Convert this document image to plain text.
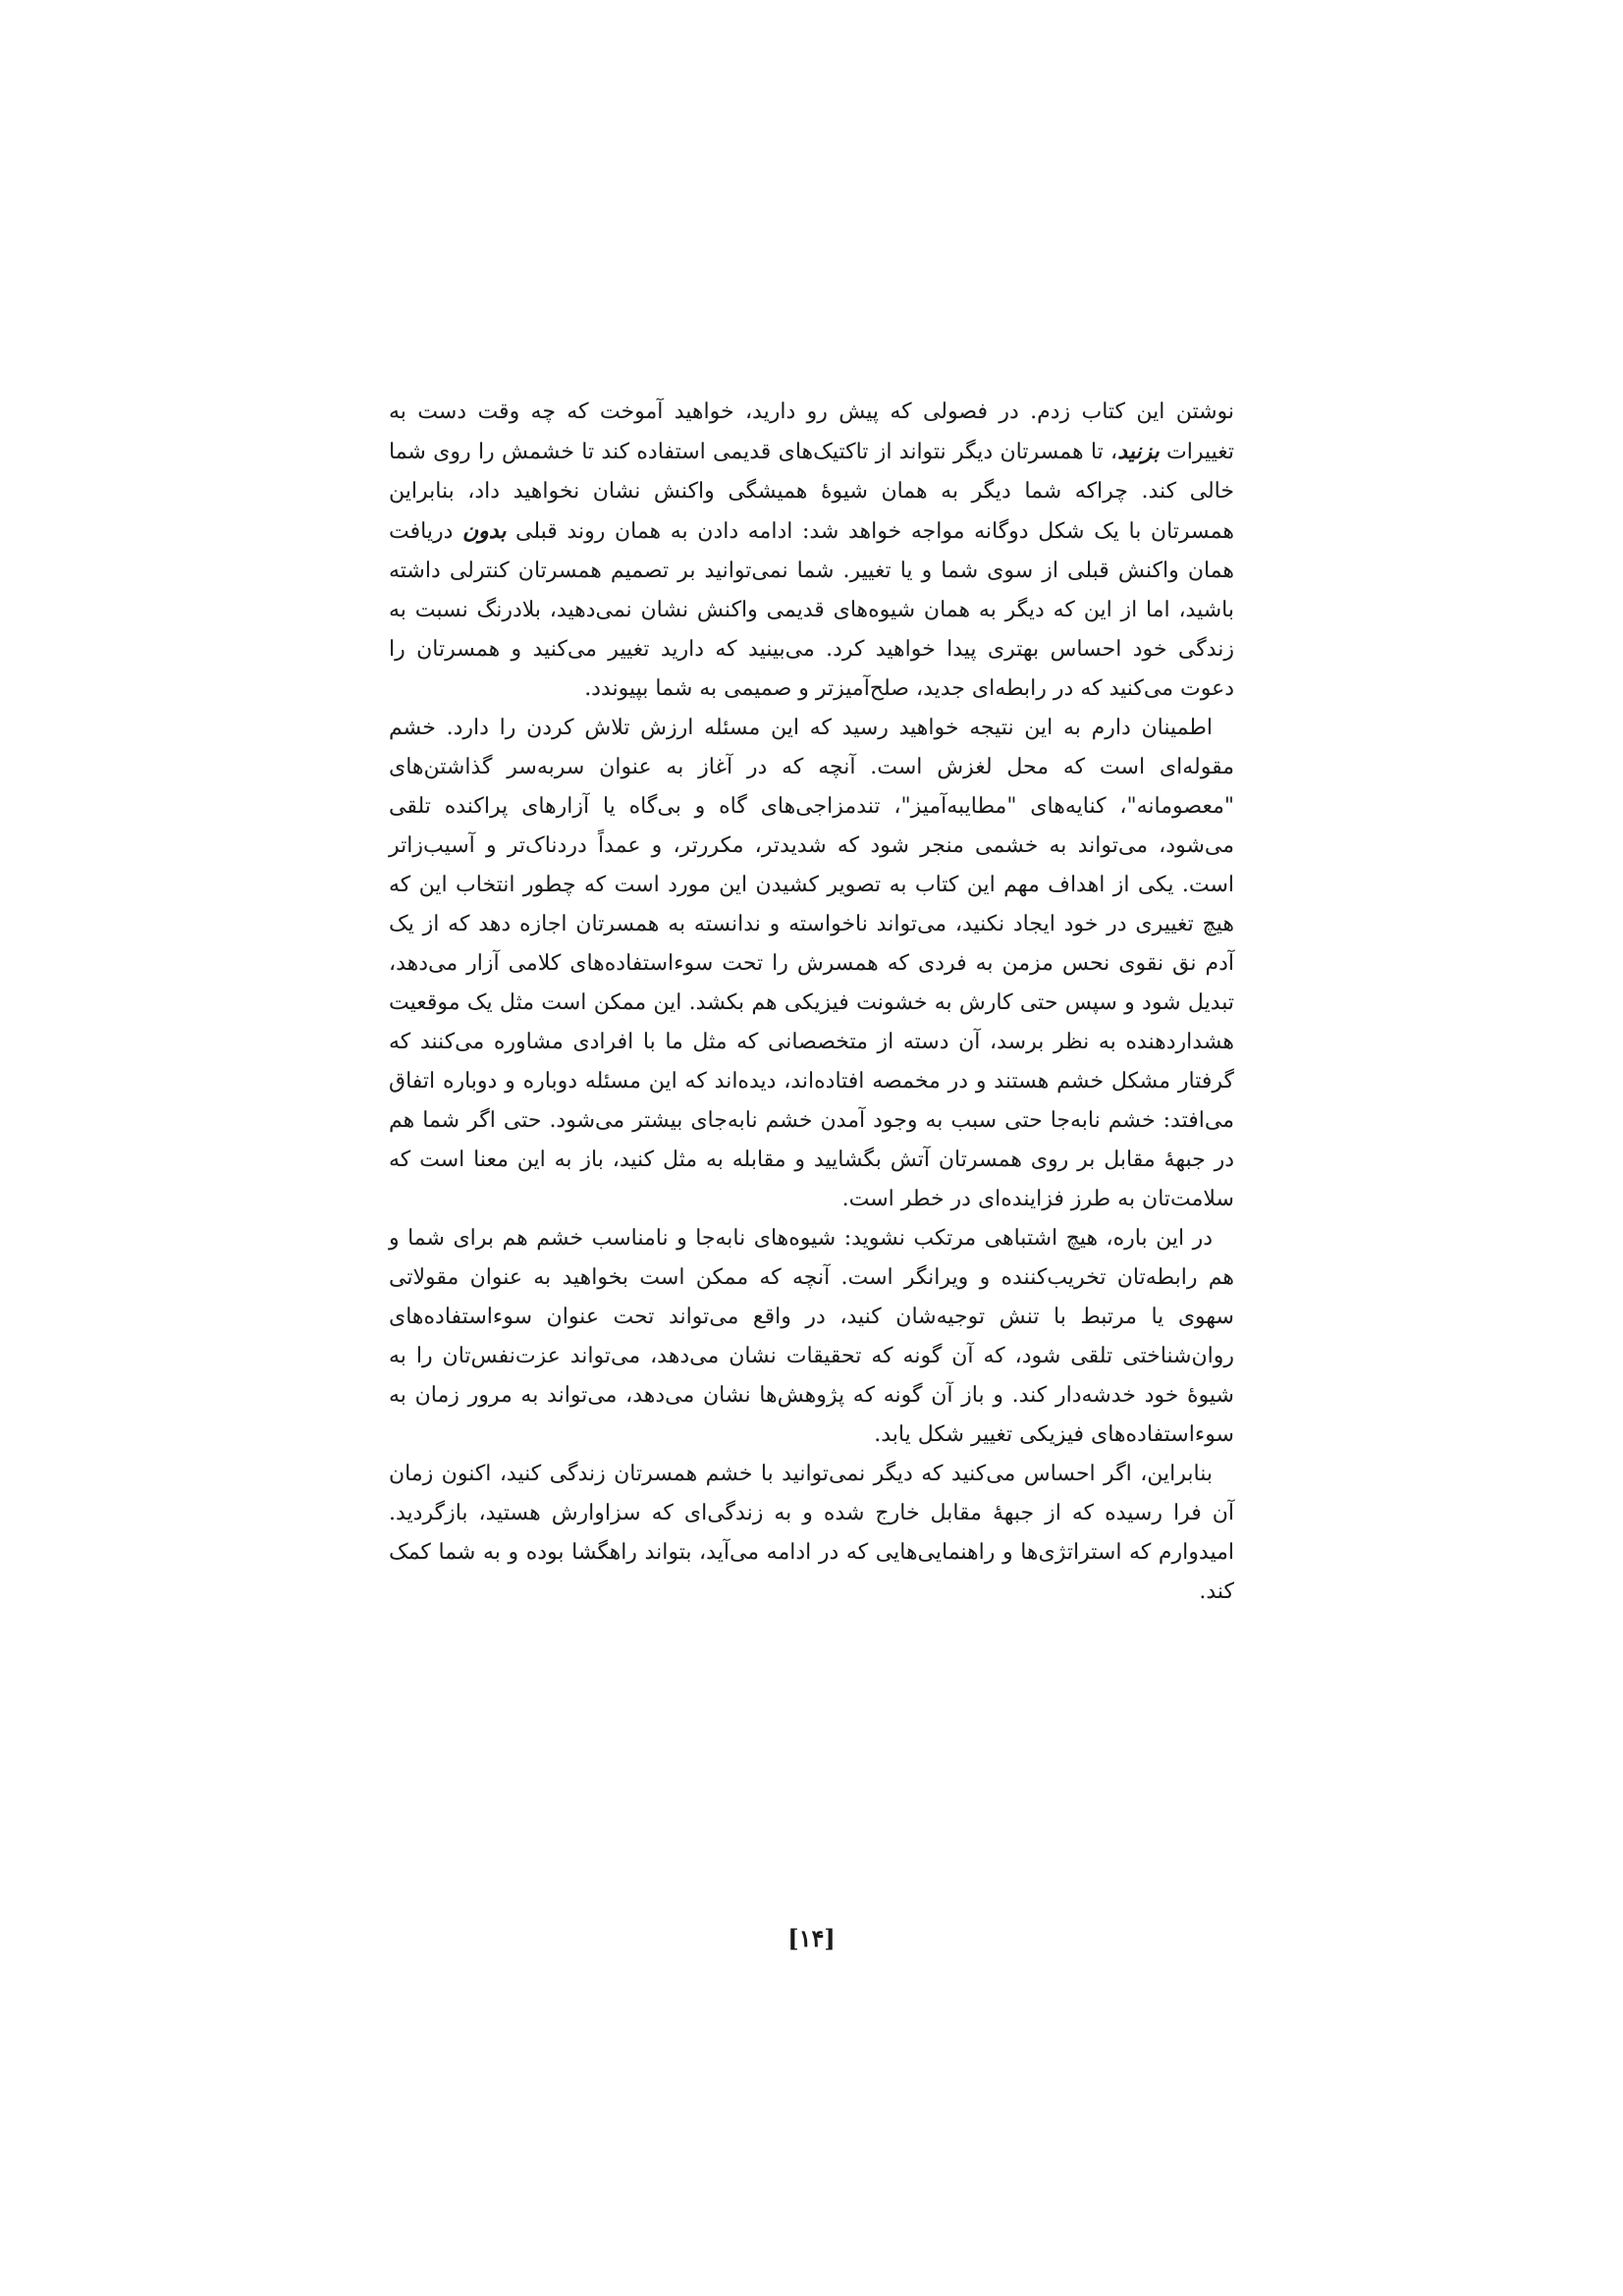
نوشتن این کتاب زدم. در فصولی که پیش رو دارید، خواهید آموخت که چه وقت دست به تغییرات بزنید، تا همسرتان دیگر نتواند از تاکتیک‌های قدیمی استفاده کند تا خشمش را روی شما خالی کند. چراکه شما دیگر به همان شیوهٔ همیشگی واکنش نشان نخواهید داد، بنابراین همسرتان با یک شکل دوگانه مواجه خواهد شد: ادامه دادن به همان روند قبلی بدون دریافت همان واکنش قبلی از سوی شما و یا تغییر. شما نمی‌توانید بر تصمیم همسرتان کنترلی داشته باشید، اما از این که دیگر به همان شیوه‌های قدیمی واکنش نشان نمی‌دهید، بلادرنگ نسبت به زندگی خود احساس بهتری پیدا خواهید کرد. می‌بینید که دارید تغییر می‌کنید و همسرتان را دعوت می‌کنید که در رابطه‌ای جدید، صلح‌آمیزتر و صمیمی به شما بپیوندد.

اطمینان دارم به این نتیجه خواهید رسید که این مسئله ارزش تلاش کردن را دارد. خشم مقوله‌ای است که محل لغزش است. آنچه که در آغاز به عنوان سربه‌سر گذاشتن‌های "معصومانه"، کنایه‌های "مطایبه‌آمیز"، تندمزاجی‌های گاه و بی‌گاه یا آزارهای پراکنده تلقی می‌شود، می‌تواند به خشمی منجر شود که شدیدتر، مکررتر، و عمداً دردناک‌تر و آسیب‌زاتر است. یکی از اهداف مهم این کتاب به تصویر کشیدن این مورد است که چطور انتخاب این که هیچ تغییری در خود ایجاد نکنید، می‌تواند ناخواسته و ندانسته به همسرتان اجازه دهد که از یک آدم نق نقوی نحس مزمن به فردی که همسرش را تحت سوءاستفاده‌های کلامی آزار می‌دهد، تبدیل شود و سپس حتی کارش به خشونت فیزیکی هم بکشد. این ممکن است مثل یک موقعیت هشداردهنده به نظر برسد، آن دسته از متخصصانی که مثل ما با افرادی مشاوره می‌کنند که گرفتار مشکل خشم هستند و در مخمصه افتاده‌اند، دیده‌اند که این مسئله دوباره و دوباره اتفاق می‌افتد: خشم نابه‌جا حتی سبب به وجود آمدن خشم نابه‌جای بیشتر می‌شود. حتی اگر شما هم در جبههٔ مقابل بر روی همسرتان آتش بگشایید و مقابله به مثل کنید، باز به این معنا است که سلامت‌تان به طرز فزاینده‌ای در خطر است.

در این باره، هیچ اشتباهی مرتکب نشوید: شیوه‌های نابه‌جا و نامناسب خشم هم برای شما و هم رابطه‌تان تخریب‌کننده و ویرانگر است. آنچه که ممکن است بخواهید به عنوان مقولاتی سهوی یا مرتبط با تنش توجیه‌شان کنید، در واقع می‌تواند تحت عنوان سوءاستفاده‌های روان‌شناختی تلقی شود، که آن گونه که تحقیقات نشان می‌دهد، می‌تواند عزت‌نفس‌تان را به شیوهٔ خود خدشه‌دار کند. و باز آن گونه که پژوهش‌ها نشان می‌دهد، می‌تواند به مرور زمان به سوءاستفاده‌های فیزیکی تغییر شکل یابد.

بنابراین، اگر احساس می‌کنید که دیگر نمی‌توانید با خشم همسرتان زندگی کنید، اکنون زمان آن فرا رسیده که از جبههٔ مقابل خارج شده و به زندگی‌ای که سزاوارش هستید، بازگردید. امیدوارم که استراتژی‌ها و راهنمایی‌هایی که در ادامه می‌آید، بتواند راهگشا بوده و به شما کمک کند.

[۱۴]
